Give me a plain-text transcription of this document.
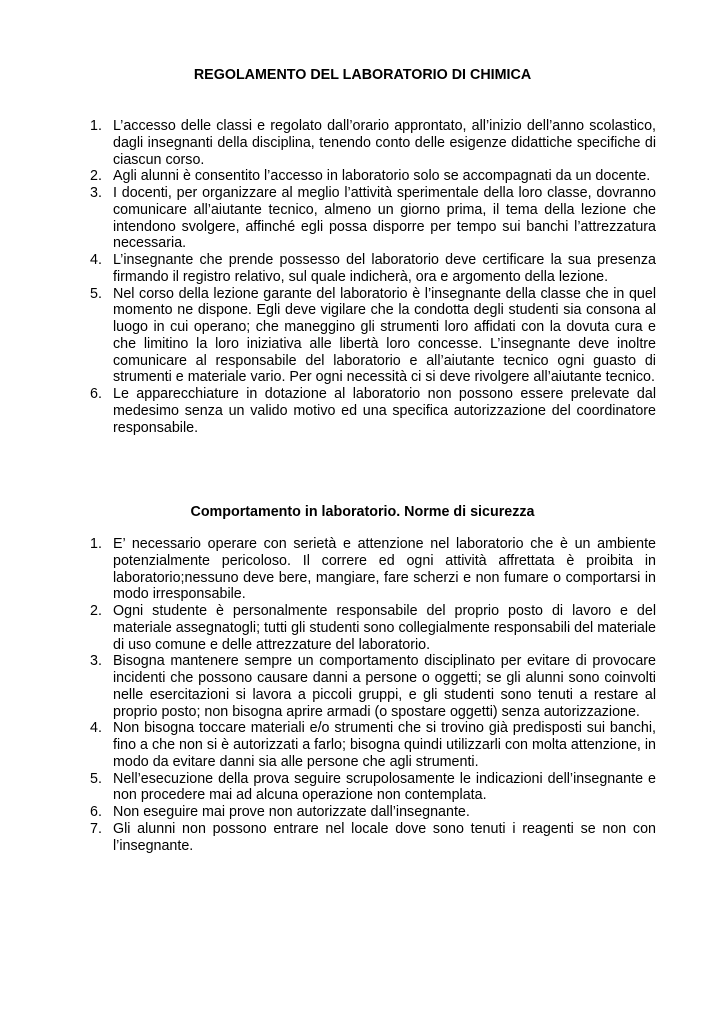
REGOLAMENTO DEL LABORATORIO DI CHIMICA
1. L’accesso delle classi e regolato dall’orario approntato, all’inizio dell’anno scolastico, dagli insegnanti della disciplina, tenendo conto delle esigenze didattiche specifiche di ciascun corso.
2. Agli alunni è consentito l’accesso in laboratorio solo se accompagnati da un docente.
3. I docenti, per organizzare al meglio l’attività sperimentale della loro classe, dovranno comunicare all’aiutante tecnico, almeno un giorno prima, il tema della lezione che intendono svolgere, affinché egli possa disporre per tempo sui banchi l’attrezzatura necessaria.
4. L’insegnante che prende possesso del laboratorio deve certificare la sua presenza firmando il registro relativo, sul quale indicherà, ora e argomento della lezione.
5. Nel corso della lezione garante del laboratorio è l’insegnante della classe che in quel momento ne dispone. Egli deve vigilare che la condotta degli studenti sia consona al luogo in cui operano; che maneggino gli strumenti loro affidati con la dovuta cura e che limitino la loro iniziativa alle libertà loro concesse. L’insegnante deve inoltre comunicare al responsabile del laboratorio e all’aiutante tecnico ogni guasto di strumenti e materiale vario. Per ogni necessità ci si deve rivolgere all’aiutante tecnico.
6. Le apparecchiature in dotazione al laboratorio non possono essere prelevate dal medesimo senza un valido motivo ed una specifica autorizzazione del coordinatore responsabile.
Comportamento in laboratorio. Norme di sicurezza
1. E’ necessario operare con serietà e attenzione nel laboratorio che è un ambiente potenzialmente pericoloso. Il correre ed ogni attività affrettata è proibita in laboratorio;nessuno deve bere, mangiare, fare scherzi e non fumare o comportarsi in modo irresponsabile.
2. Ogni studente è personalmente responsabile del proprio posto di lavoro e del materiale assegnatogli; tutti gli studenti sono collegialmente responsabili del materiale di uso comune e delle attrezzature del laboratorio.
3. Bisogna mantenere sempre un comportamento disciplinato per evitare di provocare incidenti che possono causare danni a persone o oggetti; se gli alunni sono coinvolti nelle esercitazioni si lavora a piccoli gruppi, e gli studenti sono tenuti a restare al proprio posto; non bisogna aprire armadi (o spostare oggetti) senza autorizzazione.
4. Non bisogna toccare materiali e/o strumenti che si trovino già predisposti sui banchi, fino a che non si è autorizzati a farlo; bisogna quindi utilizzarli con molta attenzione, in modo da evitare danni sia alle persone che agli strumenti.
5. Nell’esecuzione della prova seguire scrupolosamente le indicazioni dell’insegnante e non procedere mai ad alcuna operazione non contemplata.
6. Non eseguire mai prove non autorizzate dall’insegnante.
7. Gli alunni non possono entrare nel locale dove sono tenuti i reagenti se non con l’insegnante.
